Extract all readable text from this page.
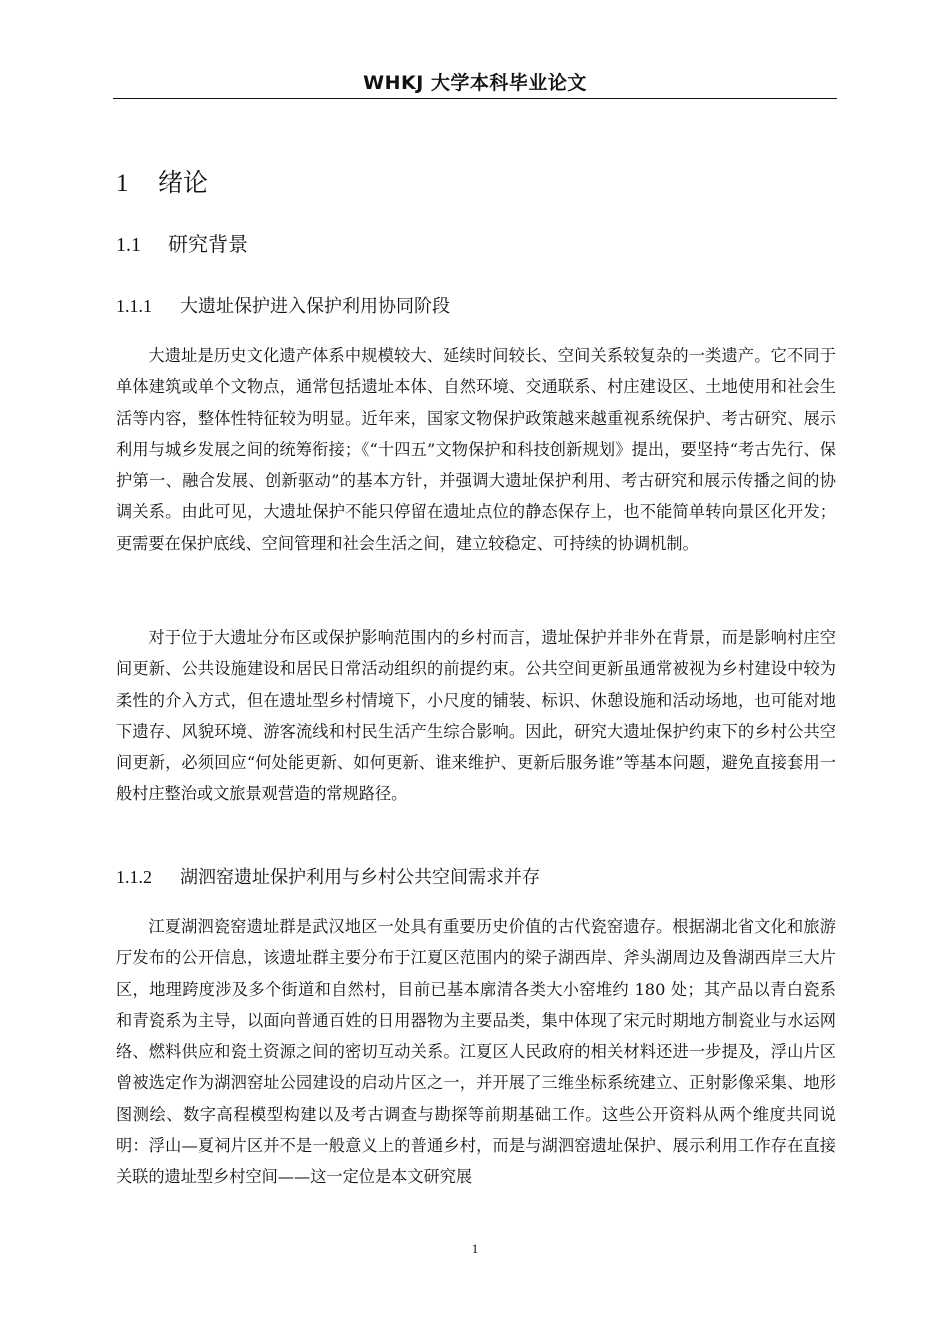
WHKJ 大学本科毕业论文
1 绪论
1.1 研究背景
1.1.1 大遗址保护进入保护利用协同阶段

大遗址是历史文化遗产体系中规模较大、延续时间较长、空间关系较复杂的一类遗产。它不同于单体建筑或单个文物点，通常包括遗址本体、自然环境、交通联系、村庄建设区、土地使用和社会生活等内容，整体性特征较为明显。近年来，国家文物保护政策越来越重视系统保护、考古研究、展示利用与城乡发展之间的统筹衔接；《“十四五”文物保护和科技创新规划》提出，要坚持“考古先行、保护第一、融合发展、创新驱动”的基本方针，并强调大遗址保护利用、考古研究和展示传播之间的协调关系。由此可见，大遗址保护不能只停留在遗址点位的静态保存上，也不能简单转向景区化开发；更需要在保护底线、空间管理和社会生活之间，建立较稳定、可持续的协调机制。

对于位于大遗址分布区或保护影响范围内的乡村而言，遗址保护并非外在背景，而是影响村庄空间更新、公共设施建设和居民日常活动组织的前提约束。公共空间更新虽通常被视为乡村建设中较为柔性的介入方式，但在遗址型乡村情境下，小尺度的铺装、标识、休憩设施和活动场地，也可能对地下遗存、风貌环境、游客流线和村民生活产生综合影响。因此，研究大遗址保护约束下的乡村公共空间更新，必须回应“何处能更新、如何更新、谁来维护、更新后服务谁”等基本问题，避免直接套用一般村庄整治或文旅景观营造的常规路径。

1.1.2 湖泗窑遗址保护利用与乡村公共空间需求并存

江夏湖泗瓷窑遗址群是武汉地区一处具有重要历史价值的古代瓷窑遗存。根据湖北省文化和旅游厅发布的公开信息，该遗址群主要分布于江夏区范围内的梁子湖西岸、斧头湖周边及鲁湖西岸三大片区，地理跨度涉及多个街道和自然村，目前已基本廓清各类大小窑堆约 180 处；其产品以青白瓷系和青瓷系为主导，以面向普通百姓的日用器物为主要品类，集中体现了宋元时期地方制瓷业与水运网络、燃料供应和瓷土资源之间的密切互动关系。江夏区人民政府的相关材料还进一步提及，浮山片区曾被选定作为湖泗窑址公园建设的启动片区之一，并开展了三维坐标系统建立、正射影像采集、地形图测绘、数字高程模型构建以及考古调查与勘探等前期基础工作。这些公开资料从两个维度共同说明：浮山—夏祠片区并不是一般意义上的普通乡村，而是与湖泗窑遗址保护、展示利用工作存在直接关联的遗址型乡村空间——这一定位是本文研究展

1
